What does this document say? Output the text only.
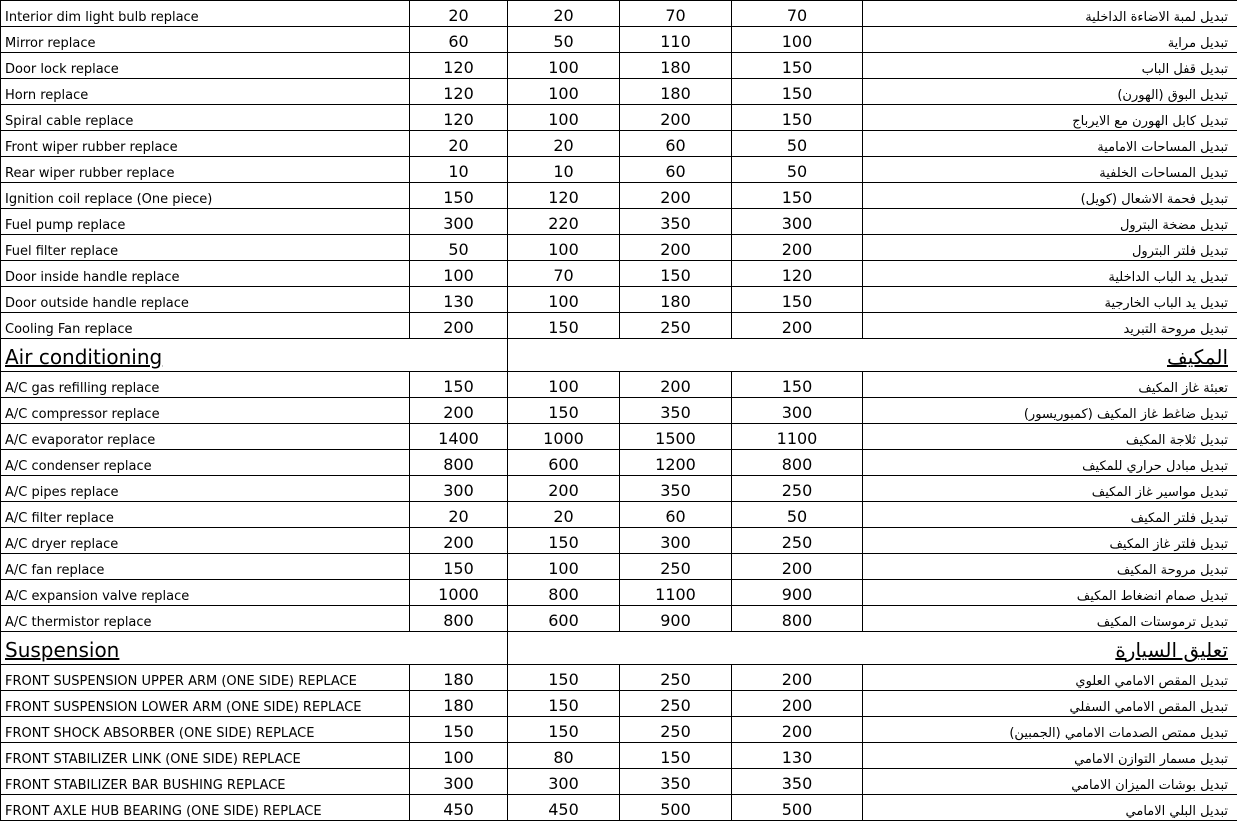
Interior dim light bulb replace	20	20	70	70	تبديل لمبة الاضاءة الداخلية
Mirror replace	60	50	110	100	تبديل مراية
Door lock replace	120	100	180	150	تبديل قفل الباب
Horn replace	120	100	180	150	تبديل البوق (الهورن)
Spiral cable replace	120	100	200	150	تبديل كابل الهورن مع الايرباج
Front wiper rubber replace	20	20	60	50	تبديل المساحات الامامية
Rear wiper rubber replace	10	10	60	50	تبديل المساحات الخلفية
Ignition coil replace (One piece)	150	120	200	150	تبديل فحمة الاشعال (كويل)
Fuel pump replace	300	220	350	300	تبديل مضخة البترول
Fuel filter replace	50	100	200	200	تبديل فلتر البترول
Door inside handle replace	100	70	150	120	تبديل يد الباب الداخلية
Door outside handle replace	130	100	180	150	تبديل يد الباب الخارجية
Cooling Fan replace	200	150	250	200	تبديل مروحة التبريد
Air conditioning		المكيف			
A/C gas refilling replace	150	100	200	150	تعبئة غاز المكيف
A/C compressor replace	200	150	350	300	تبديل ضاغط غاز المكيف (كمبوريسور)
A/C evaporator replace	1400	1000	1500	1100	تبديل ثلاجة المكيف
A/C condenser replace	800	600	1200	800	تبديل مبادل حراري للمكيف
A/C pipes replace	300	200	350	250	تبديل مواسير غاز المكيف
A/C filter replace	20	20	60	50	تبديل فلتر المكيف
A/C dryer replace	200	150	300	250	تبديل فلتر غاز المكيف
A/C fan replace	150	100	250	200	تبديل مروحة المكيف
A/C expansion valve replace	1000	800	1100	900	تبديل صمام انضغاط المكيف
A/C thermistor replace	800	600	900	800	تبديل ترموستات المكيف
Suspension		تعليق السيارة			
FRONT SUSPENSION UPPER ARM (ONE SIDE) REPLACE	180	150	250	200	تبديل المقص الامامي العلوي
FRONT SUSPENSION LOWER ARM (ONE SIDE) REPLACE	180	150	250	200	تبديل المقص الامامي السفلي
FRONT SHOCK ABSORBER (ONE SIDE) REPLACE	150	150	250	200	تبديل ممتص الصدمات الامامي (الجمبين)
FRONT STABILIZER LINK (ONE SIDE) REPLACE	100	80	150	130	تبديل مسمار التوازن الامامي
FRONT STABILIZER BAR BUSHING REPLACE	300	300	350	350	تبديل بوشات الميزان الامامي
FRONT AXLE HUB BEARING (ONE SIDE) REPLACE	450	450	500	500	تبديل البلي الامامي
